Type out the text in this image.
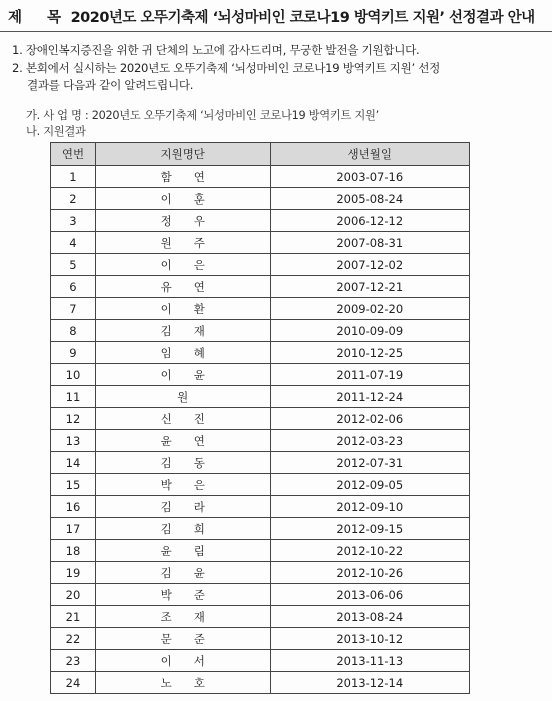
제 목 2020년도 오뚜기축제 ‘뇌성마비인 코로나19 방역키트 지원’ 선정결과 안내
1. 장애인복지증진을 위한 귀 단체의 노고에 감사드리며, 무궁한 발전을 기원합니다.
2. 본회에서 실시하는 2020년도 오뚜기축제 ‘뇌성마비인 코로나19 방역키트 지원’ 선정
결과를 다음과 같이 알려드립니다.
가. 사 업 명 : 2020년도 오뚜기축제 ‘뇌성마비인 코로나19 방역키트 지원’
나. 지원결과
연번	지원명단	생년월일
1	함연	2003-07-16
2	이훈	2005-08-24
3	정우	2006-12-12
4	원주	2007-08-31
5	이은	2007-12-02
6	유연	2007-12-21
7	이환	2009-02-20
8	김재	2010-09-09
9	임혜	2010-12-25
10	이윤	2011-07-19
11	원	2011-12-24
12	신진	2012-02-06
13	윤연	2012-03-23
14	김동	2012-07-31
15	박은	2012-09-05
16	김라	2012-09-10
17	김희	2012-09-15
18	윤림	2012-10-22
19	김윤	2012-10-26
20	박준	2013-06-06
21	조재	2013-08-24
22	문준	2013-10-12
23	이서	2013-11-13
24	노호	2013-12-14
